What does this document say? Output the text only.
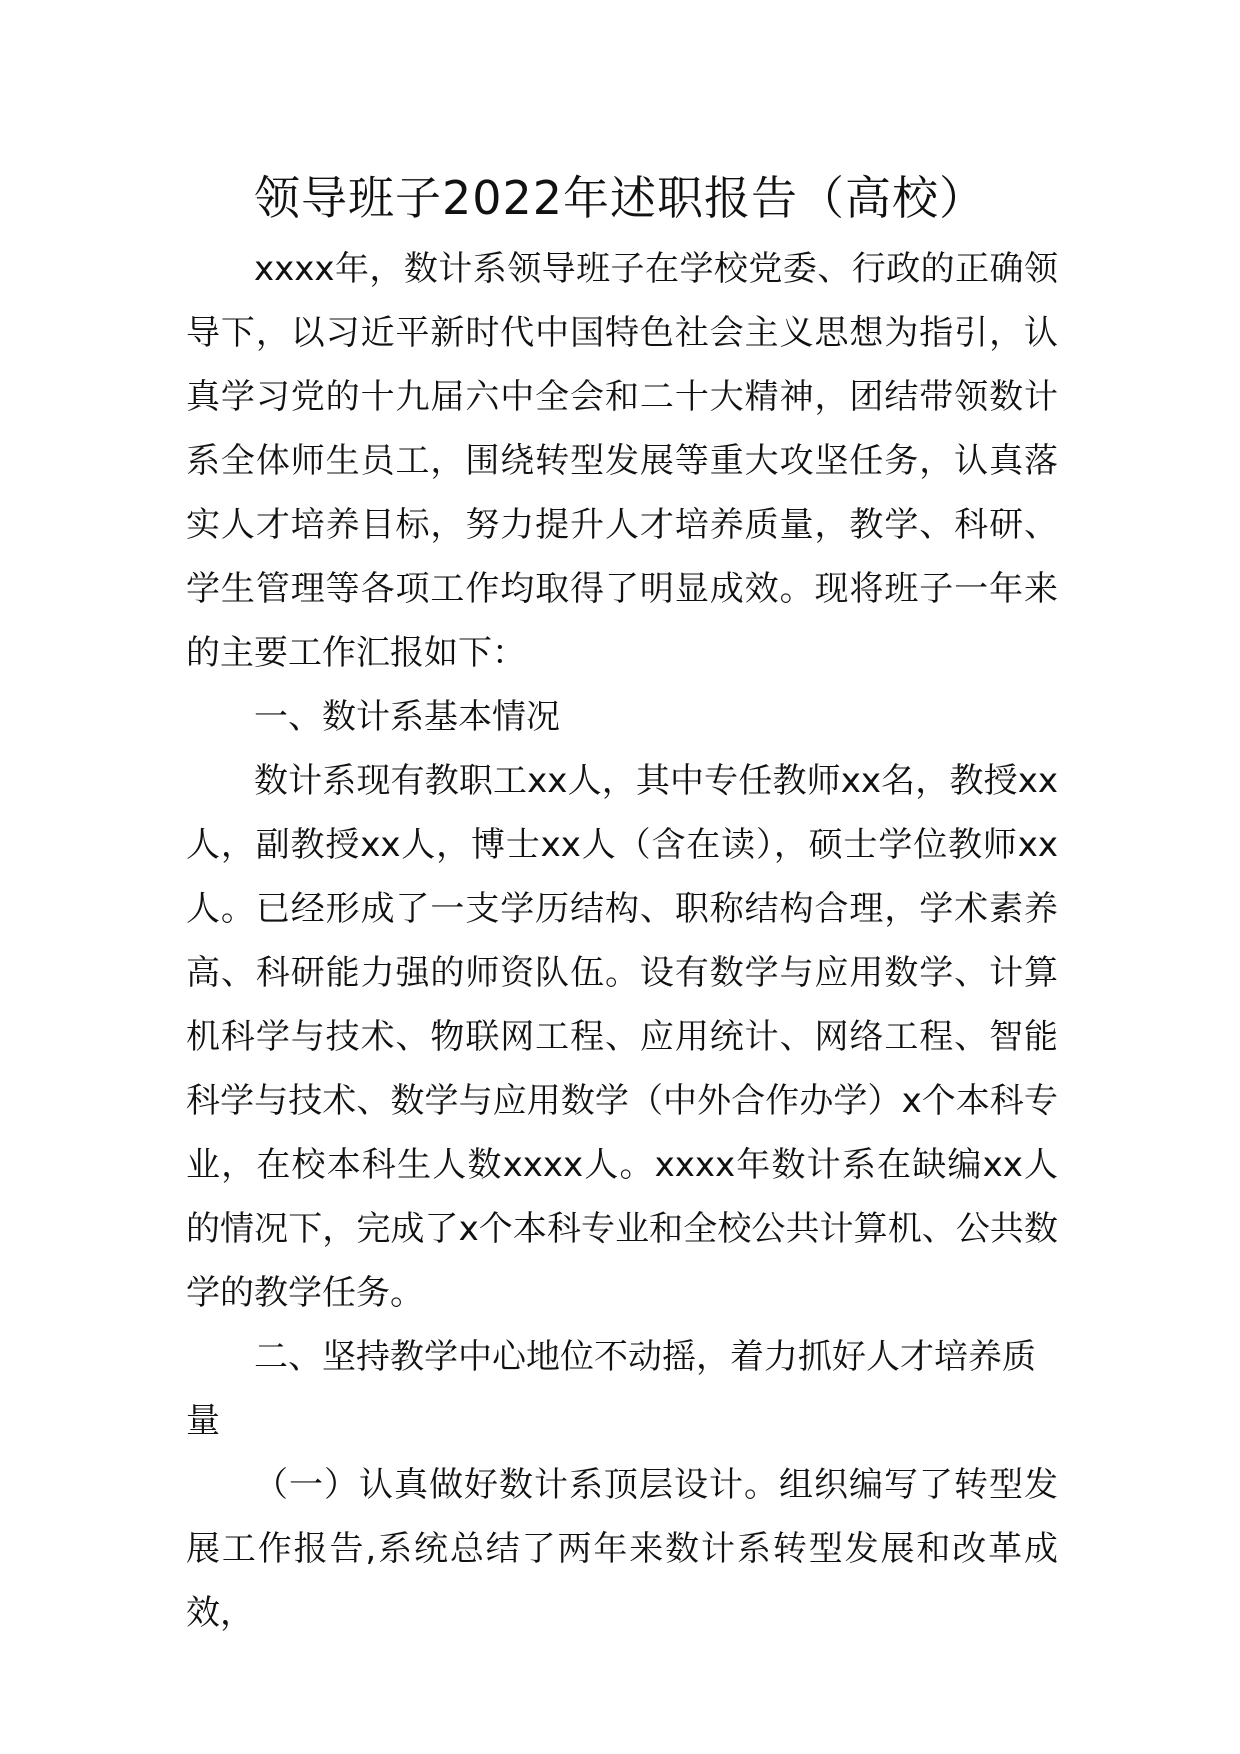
领导班子2022年述职报告（高校）

xxxx年，数计系领导班子在学校党委、行政的正确领导下，以习近平新时代中国特色社会主义思想为指引，认真学习党的十九届六中全会和二十大精神，团结带领数计系全体师生员工，围绕转型发展等重大攻坚任务，认真落实人才培养目标，努力提升人才培养质量，教学、科研、学生管理等各项工作均取得了明显成效。现将班子一年来的主要工作汇报如下：

一、数计系基本情况

数计系现有教职工xx人，其中专任教师xx名，教授xx人，副教授xx人，博士xx人（含在读），硕士学位教师xx人。已经形成了一支学历结构、职称结构合理，学术素养高、科研能力强的师资队伍。设有数学与应用数学、计算机科学与技术、物联网工程、应用统计、网络工程、智能科学与技术、数学与应用数学（中外合作办学）x个本科专业，在校本科生人数xxxx人。xxxx年数计系在缺编xx人的情况下，完成了x个本科专业和全校公共计算机、公共数学的教学任务。

二、坚持教学中心地位不动摇，着力抓好人才培养质量

（一）认真做好数计系顶层设计。组织编写了转型发展工作报告,系统总结了两年来数计系转型发展和改革成效，
